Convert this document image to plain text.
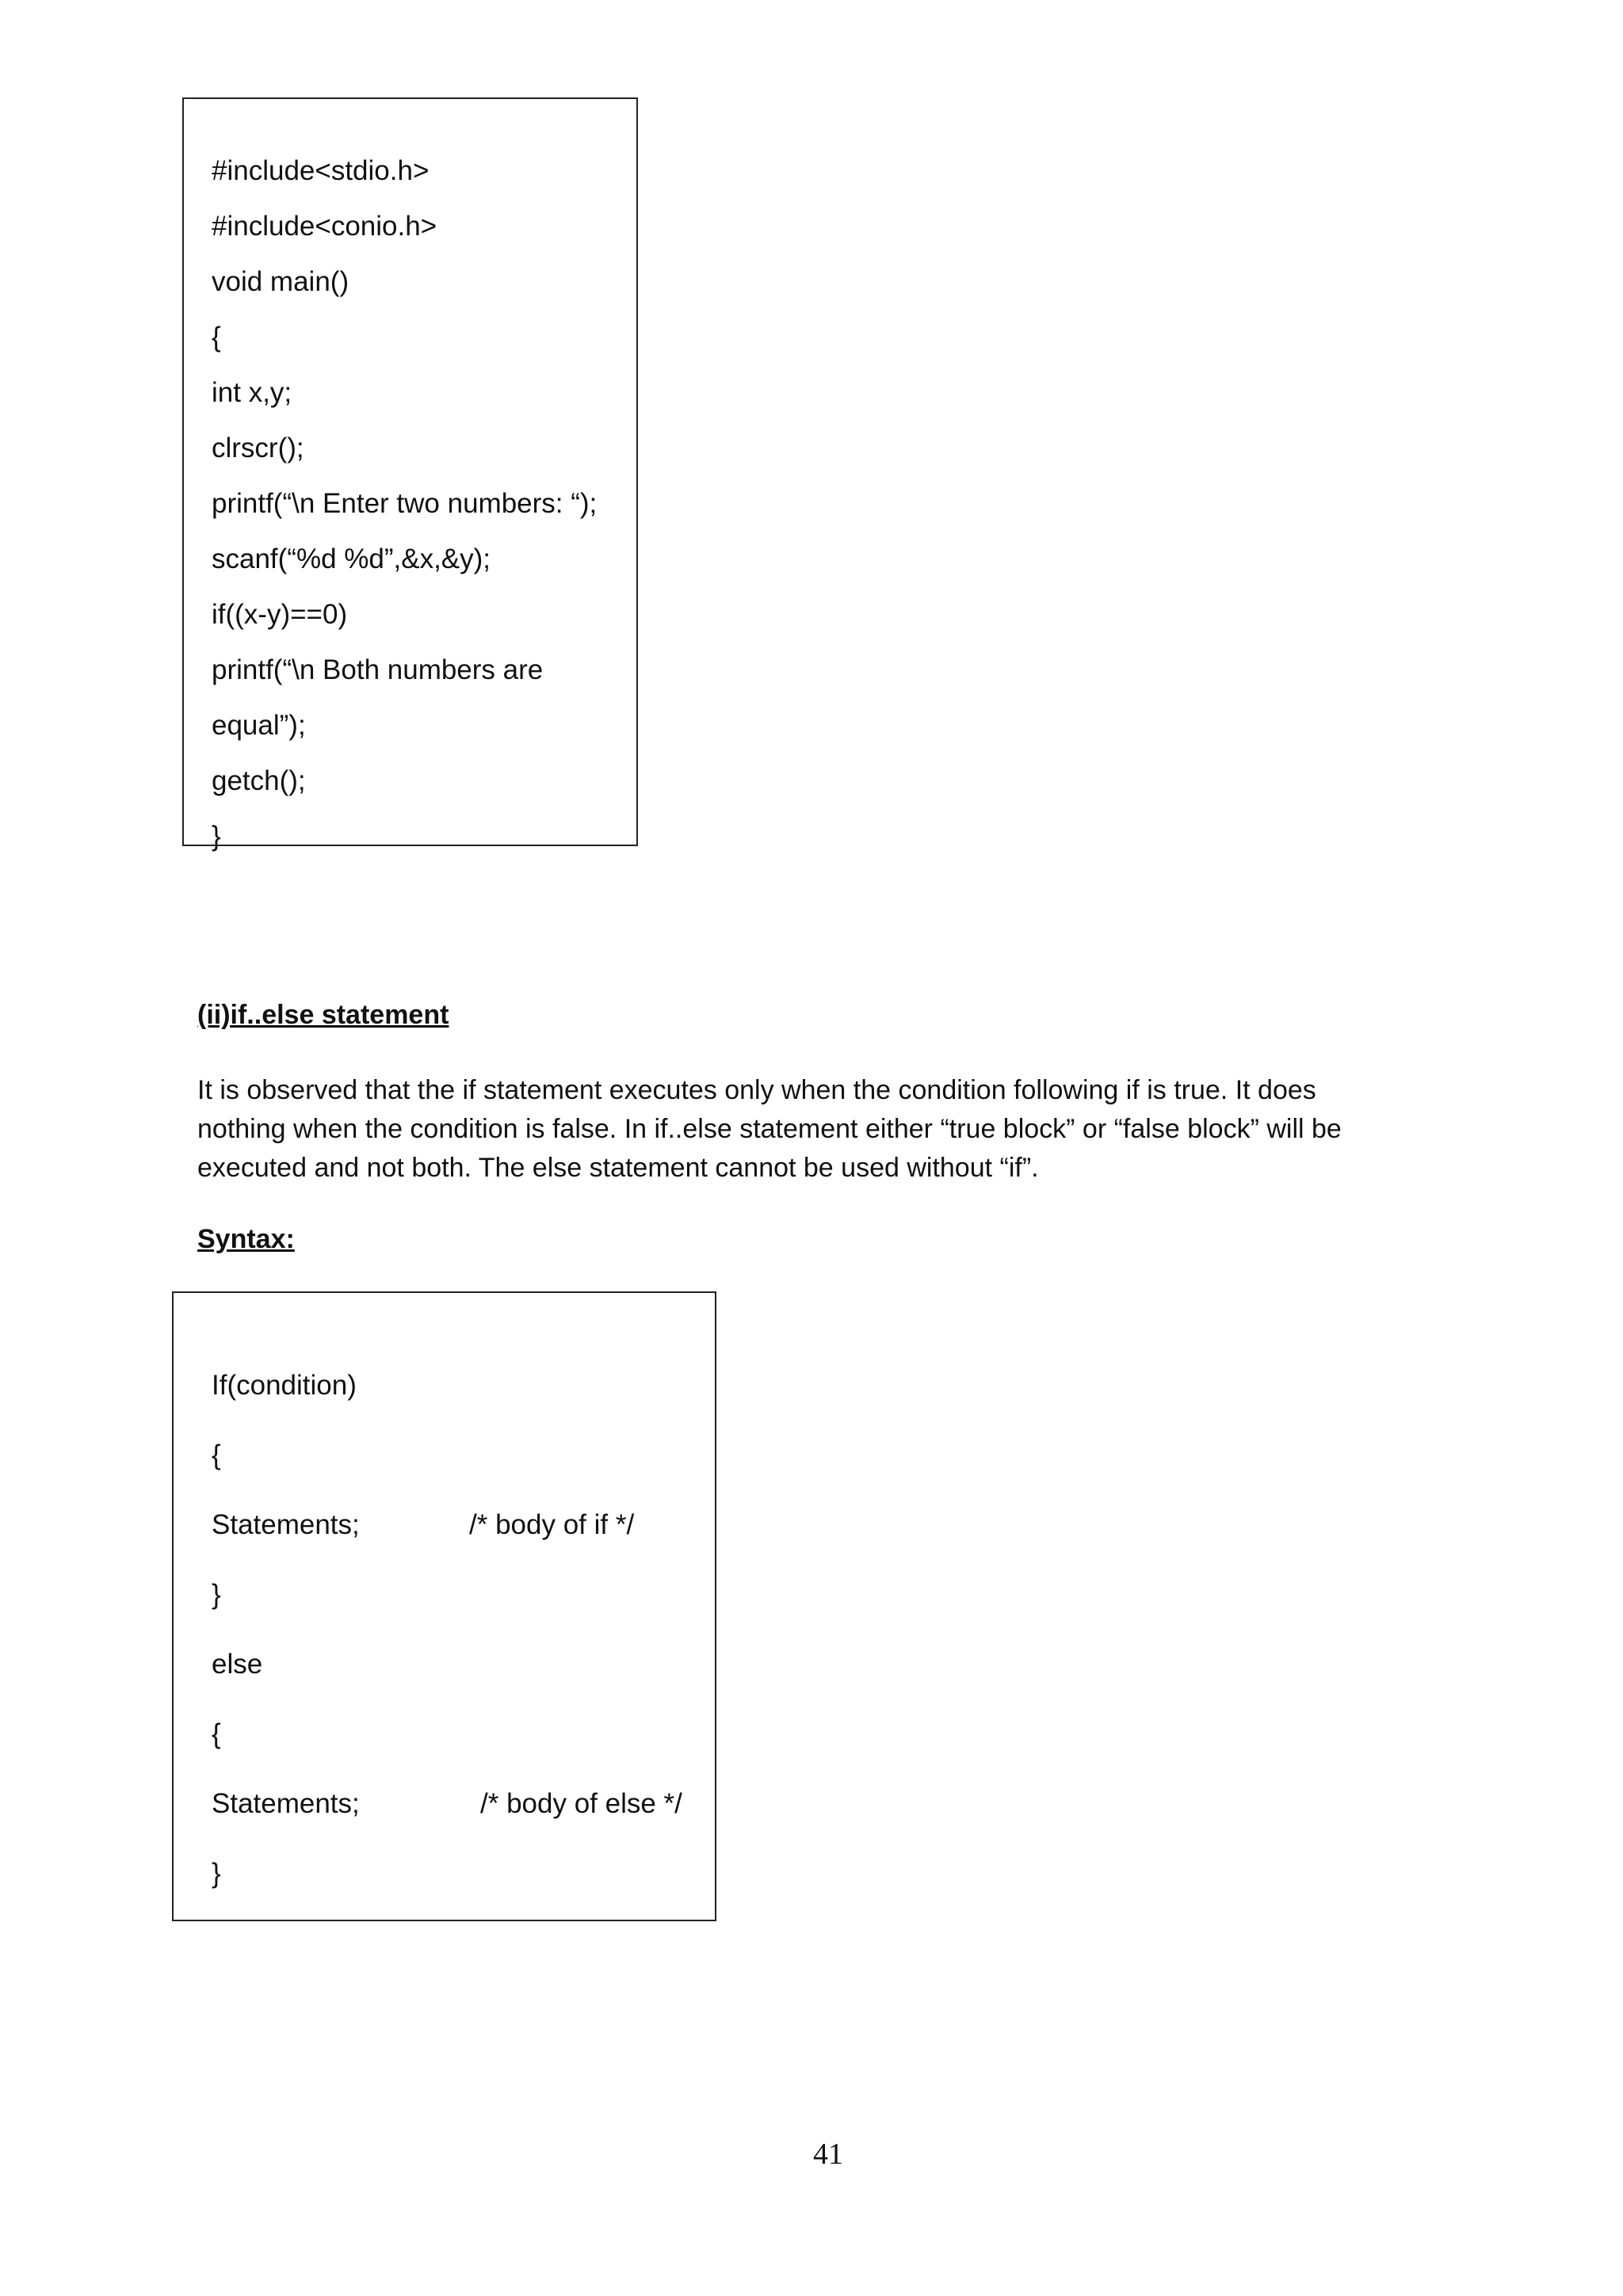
#include<stdio.h>
#include<conio.h>
void main()
{
int x,y;
clrscr();
printf(“\n Enter two numbers: “);
scanf(“%d %d”,&x,&y);
if((x-y)==0)
printf(“\n Both numbers are
equal”);
getch();
}
(ii)if..else statement
It is observed that the if statement executes only when the condition following if is true. It does
nothing when the condition is false. In if..else statement either “true block” or “false block” will be
executed and not both. The else statement cannot be used without “if”.
Syntax:
If(condition)
{
Statements;	/* body of if */
}
else
{
Statements;	/* body of else */
}
41
